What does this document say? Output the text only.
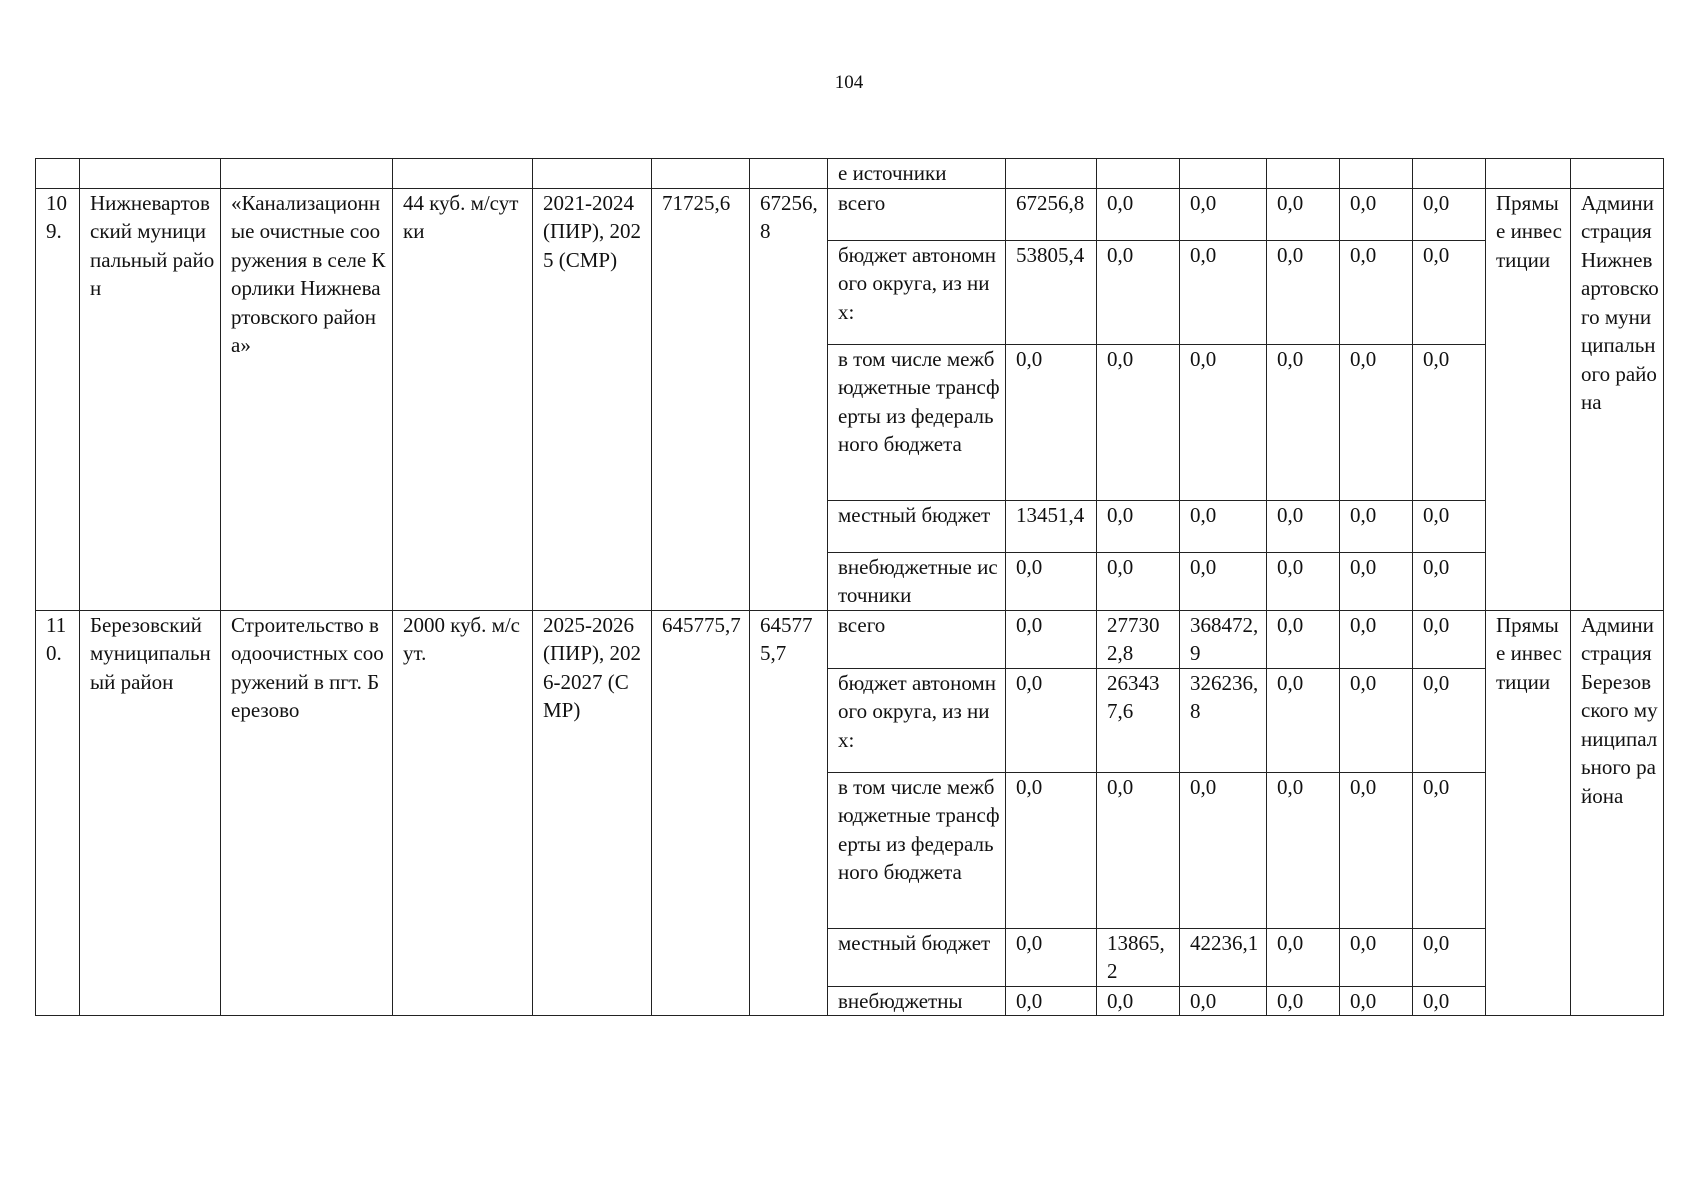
104
							е источники								
109.	Нижневартовский муниципальный район	«Канализационные очистные сооружения в селе Корлики Нижневартовского района»	44 куб. м/сутки	2021-2024 (ПИР), 2025 (СМР)	71725,6	67256,8	всего	67256,8	0,0	0,0	0,0	0,0	0,0	Прямые инвестиции	Администрация Нижневартовского муниципального района
							бюджет автономного округа, из них:	53805,4	0,0	0,0	0,0	0,0	0,0		
							в том числе межбюджетные трансферты из федерального бюджета	0,0	0,0	0,0	0,0	0,0	0,0		
							местный бюджет	13451,4	0,0	0,0	0,0	0,0	0,0		
							внебюджетные источники	0,0	0,0	0,0	0,0	0,0	0,0		
110.	Березовский муниципальный район	Строительство водоочистных сооружений в пгт. Березово	2000 куб. м/сут.	2025-2026 (ПИР), 2026-2027 (СМР)	645775,7	645775,7	всего	0,0	277302,8	368472,9	0,0	0,0	0,0	Прямые инвестиции	Администрация Березовского муниципального района
							бюджет автономного округа, из них:	0,0	263437,6	326236,8	0,0	0,0	0,0		
							в том числе межбюджетные трансферты из федерального бюджета	0,0	0,0	0,0	0,0	0,0	0,0		
							местный бюджет	0,0	13865,2	42236,1	0,0	0,0	0,0		
							внебюджетны	0,0	0,0	0,0	0,0	0,0	0,0		
